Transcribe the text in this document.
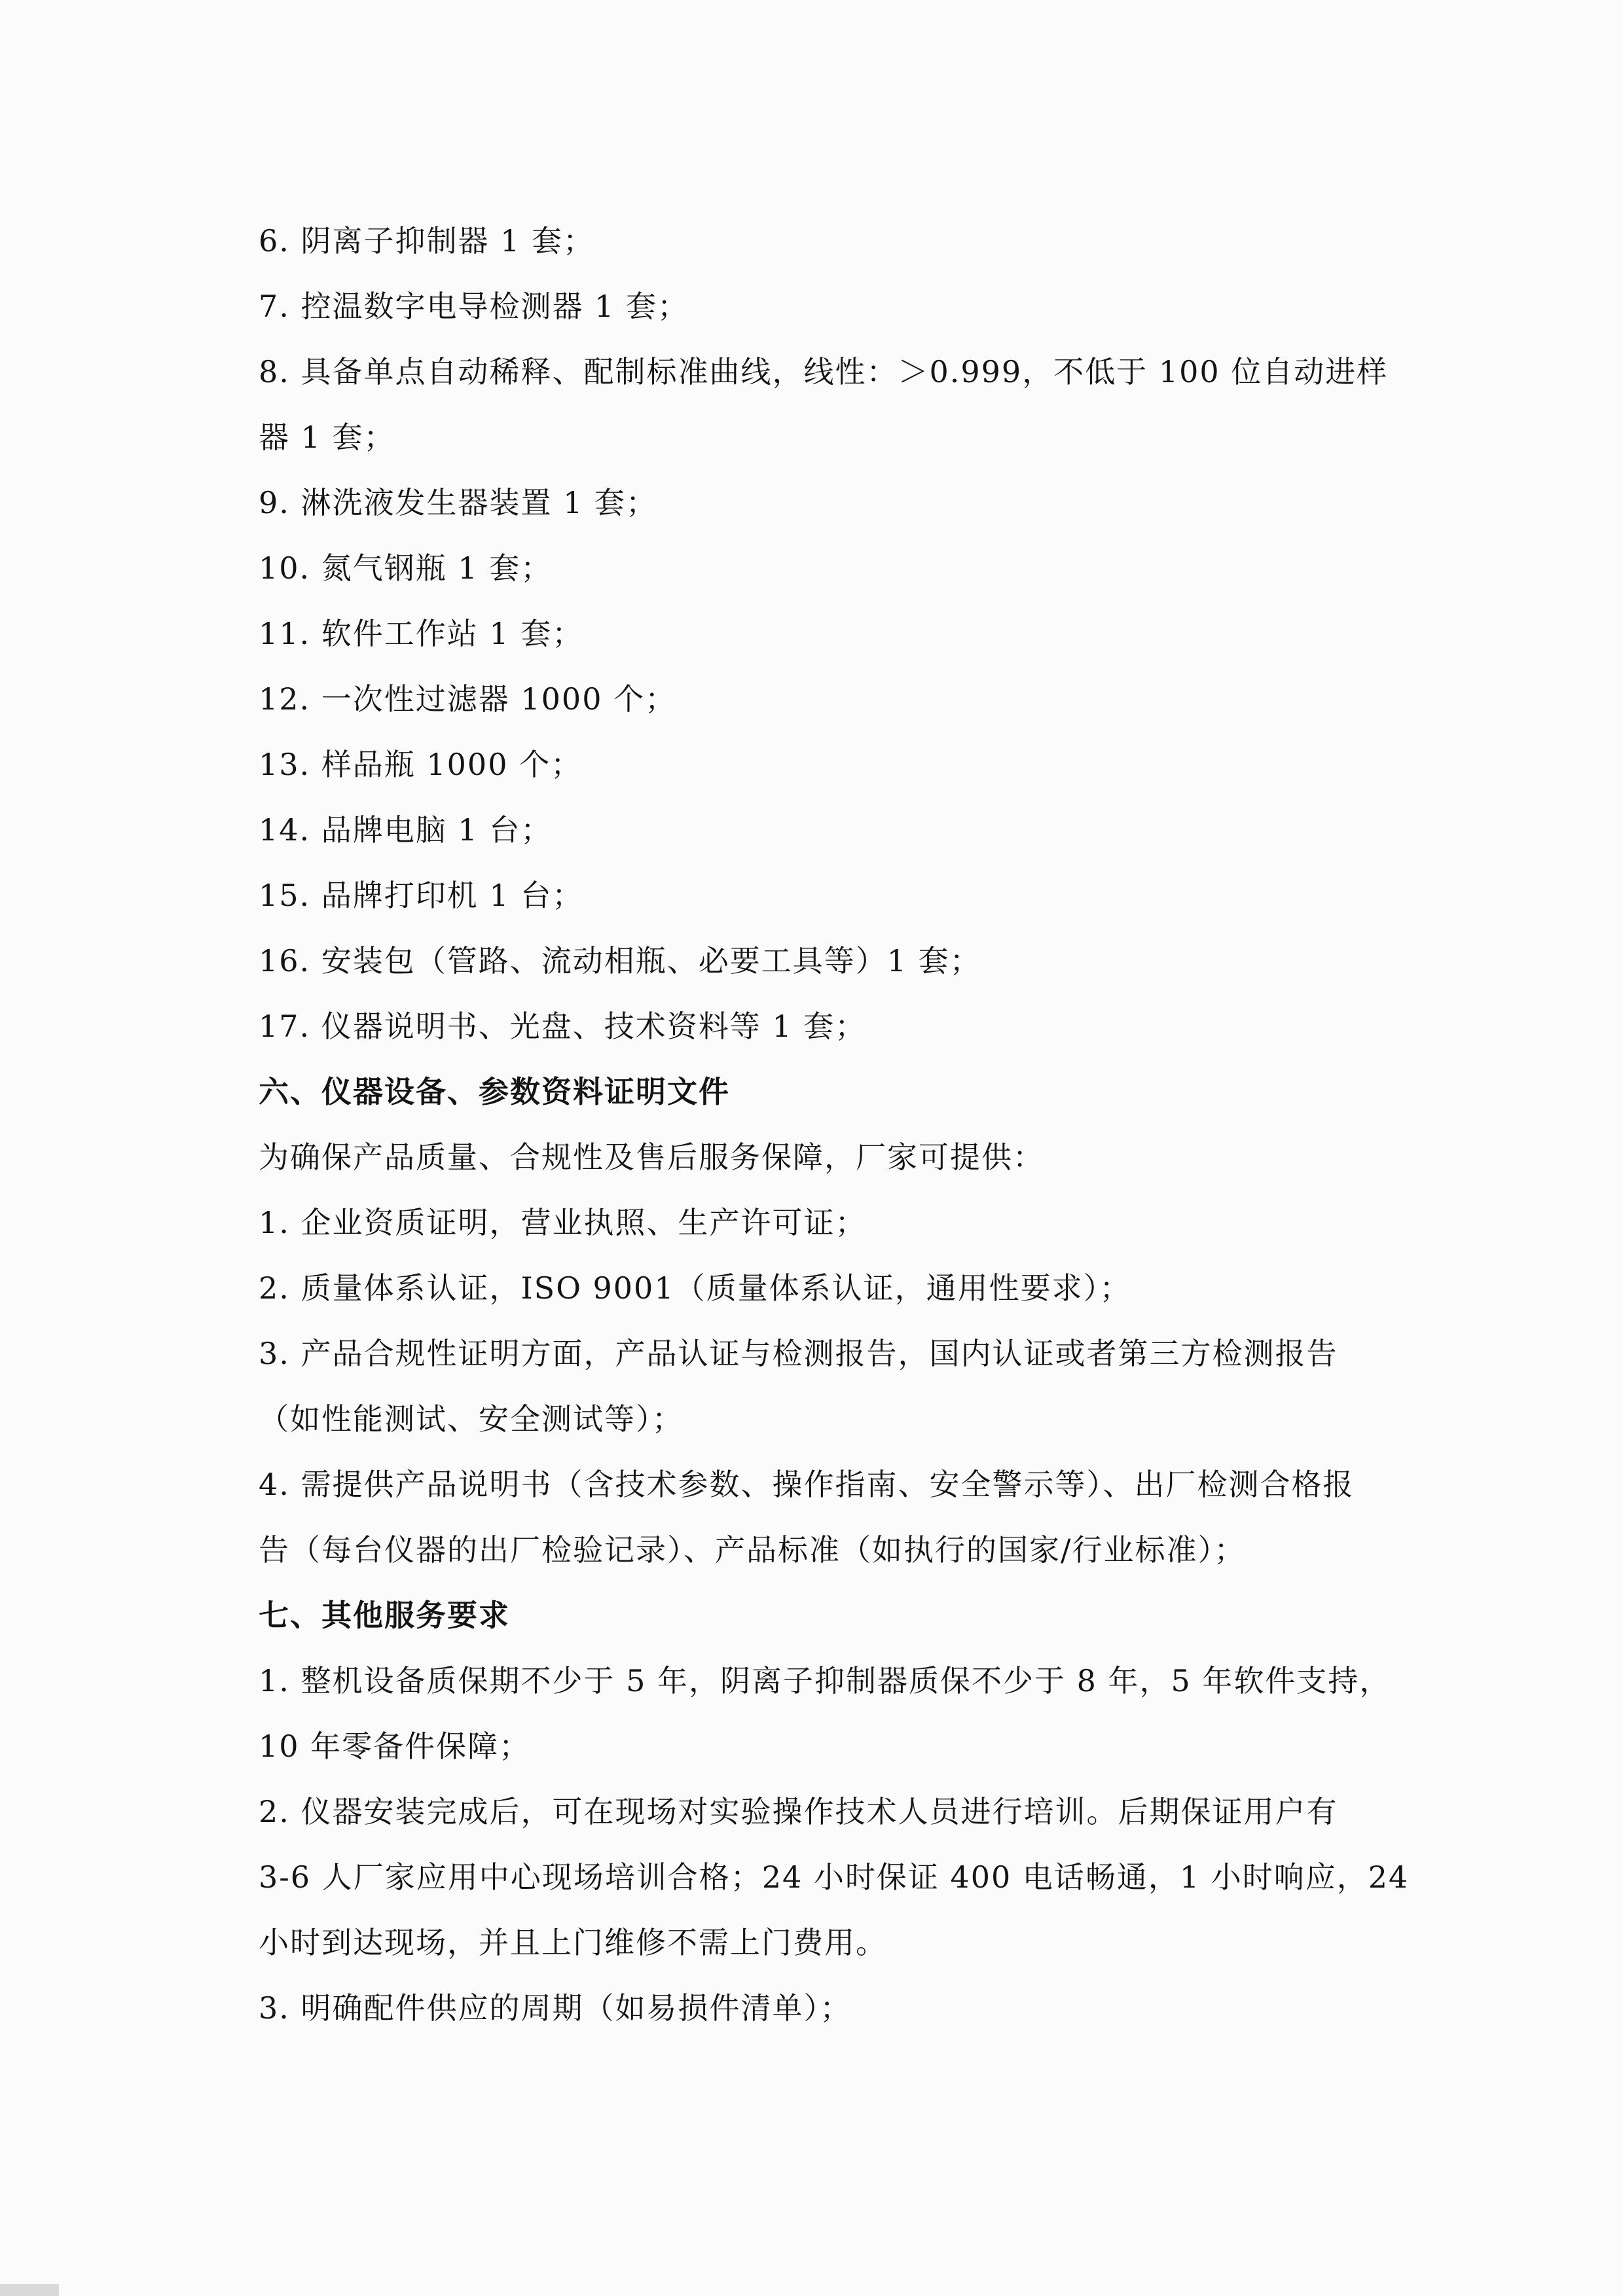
6. 阴离子抑制器 1 套；
7. 控温数字电导检测器 1 套；
8. 具备单点自动稀释、配制标准曲线，线性：＞0.999，不低于 100 位自动进样
器 1 套；
9. 淋洗液发生器装置 1 套；
10. 氮气钢瓶 1 套；
11. 软件工作站 1 套；
12. 一次性过滤器 1000 个；
13. 样品瓶 1000 个；
14. 品牌电脑 1 台；
15. 品牌打印机 1 台；
16. 安装包（管路、流动相瓶、必要工具等）1 套；
17. 仪器说明书、光盘、技术资料等 1 套；
六、仪器设备、参数资料证明文件
为确保产品质量、合规性及售后服务保障，厂家可提供：
1. 企业资质证明，营业执照、生产许可证；
2. 质量体系认证，ISO 9001（质量体系认证，通用性要求）；
3. 产品合规性证明方面，产品认证与检测报告，国内认证或者第三方检测报告
（如性能测试、安全测试等）；
4. 需提供产品说明书（含技术参数、操作指南、安全警示等）、出厂检测合格报
告（每台仪器的出厂检验记录）、产品标准（如执行的国家/行业标准）；
七、其他服务要求
1. 整机设备质保期不少于 5 年，阴离子抑制器质保不少于 8 年，5 年软件支持，
10 年零备件保障；
2. 仪器安装完成后，可在现场对实验操作技术人员进行培训。后期保证用户有
3-6 人厂家应用中心现场培训合格；24 小时保证 400 电话畅通，1 小时响应，24
小时到达现场，并且上门维修不需上门费用。
3. 明确配件供应的周期（如易损件清单）；
